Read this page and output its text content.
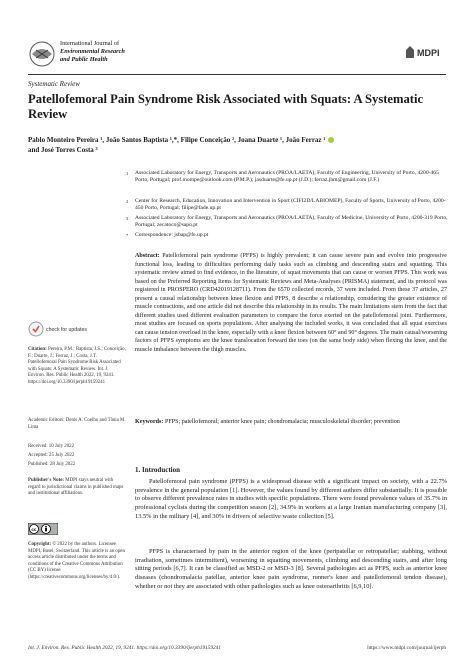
International Journal of
Environmental Research
and Public Health
MDPI
Systematic Review
Patellofemoral Pain Syndrome Risk Associated with Squats: A Systematic Review
Pablo Monteiro Pereira ¹, João Santos Baptista ¹,*, Filipe Conceição ², Joana Duarte ¹, João Ferraz ¹
and José Torres Costa ³
1 Associated Laboratory for Energy, Transports and Aeronautics (PROA/LAETA), Faculty of Engineering, University of Porto, 4200-465 Porto, Portugal; prof.mompe@outlook.com (P.M.P.); jasduarte@fe.up.pt (J.D.); ferraz.jhm@gmail.com (J.F.)
2 Center for Research, Education, Innovation and Intervention in Sport (CIFI2D/LABIOMEP), Faculty of Sports, University of Porto, 4200-450 Porto, Portugal; filipe@fade.up.pt
3 Associated Laboratory for Energy, Transports and Aeronautics (PROA/LAETA), Faculty of Medicine, University of Porto, 4200-319 Porto, Portugal; zecatoco@sapo.pt
* Correspondence: jsbap@fe.up.pt
Abstract: Patellofemoral pain syndrome (PFPS) is highly prevalent; it can cause severe pain and evolve into progressive functional loss, leading to difficulties performing daily tasks such as climbing and descending stairs and squatting. This systematic review aimed to find evidence, in the literature, of squat movements that can cause or worsen PFPS. This work was based on the Preferred Reporting Items for Systematic Reviews and Meta-Analyses (PRISMA) statement, and its protocol was registered in PROSPERO (CRD42019128711). From the 6570 collected records, 37 were included. From these 37 articles, 27 present a causal relationship between knee flexion and PFPS, 8 describe a relationship, considering the greater existence of muscle contractions, and one article did not describe this relationship in its results. The main limitations stem from the fact that different studies used different evaluation parameters to compare the force exerted on the patellofemoral joint. Furthermore, most studies are focused on sports populations. After analysing the included works, it was concluded that all squat exercises can cause tension overload in the knee, especially with a knee flexion between 60° and 90° degrees. The main causal/worsening factors of PFPS symptoms are the knee translocation forward the toes (on the same body side) when flexing the knee, and the muscle imbalance between the thigh muscles.
Keywords: PFPS; patellofemoral; anterior knee pain; chondromalacia; musculoskeletal disorder; prevention
1. Introduction
Patellofemoral pain syndrome (PFPS) is a widespread disease with a significant impact on society, with a 22.7% prevalence in the general population [1]. However, the values found by different authors differ substantially. It is possible to observe different prevalence rates in studies with specific populations. There were found prevalence values of 35.7% in professional cyclists during the competition season [2], 34.9% in workers at a large Iranian manufacturing company [3], 13.5% in the military [4], and 30% in drivers of selective waste collection [5].
PFPS is characterised by pain in the anterior region of the knee (peripatellar or retropatellar; stabbing, without irradiation, sometimes intermittent), worsening in squatting movements, climbing and descending stairs, and after long sitting periods [6,7]. It can be classified as MSD-2 or MSD-3 [8]. Several pathologies act as PFPS, such as anterior knee diseases (chondromalacia patellae, anterior knee pain syndrome, runner's knee and patellofemoral tendon disease), whether or not they are associated with other pathologies such as knee osteoarthritis [6,9,10].
check for updates
Citation: Pereira, P.M.; Baptista, J.S.; Conceição, F.; Duarte, J.; Ferraz, J.; Costa, J.T. Patellofemoral Pain Syndrome Risk Associated with Squats: A Systematic Review. Int. J. Environ. Res. Public Health 2022, 19, 9241. https://doi.org/10.3390/ijerph19159241
Academic Editors: Denis A. Coelho and Tânia M. Lima
Received: 10 July 2022
Accepted: 25 July 2022
Published: 28 July 2022
Publisher's Note: MDPI stays neutral with regard to jurisdictional claims in published maps and institutional affiliations.
cc
Copyright: © 2022 by the authors. Licensee MDPI, Basel, Switzerland. This article is an open access article distributed under the terms and conditions of the Creative Commons Attribution (CC BY) license (https://creativecommons.org/licenses/by/4.0/).
Int. J. Environ. Res. Public Health 2022, 19, 9241. https://doi.org/10.3390/ijerph19159241	https://www.mdpi.com/journal/ijerph
